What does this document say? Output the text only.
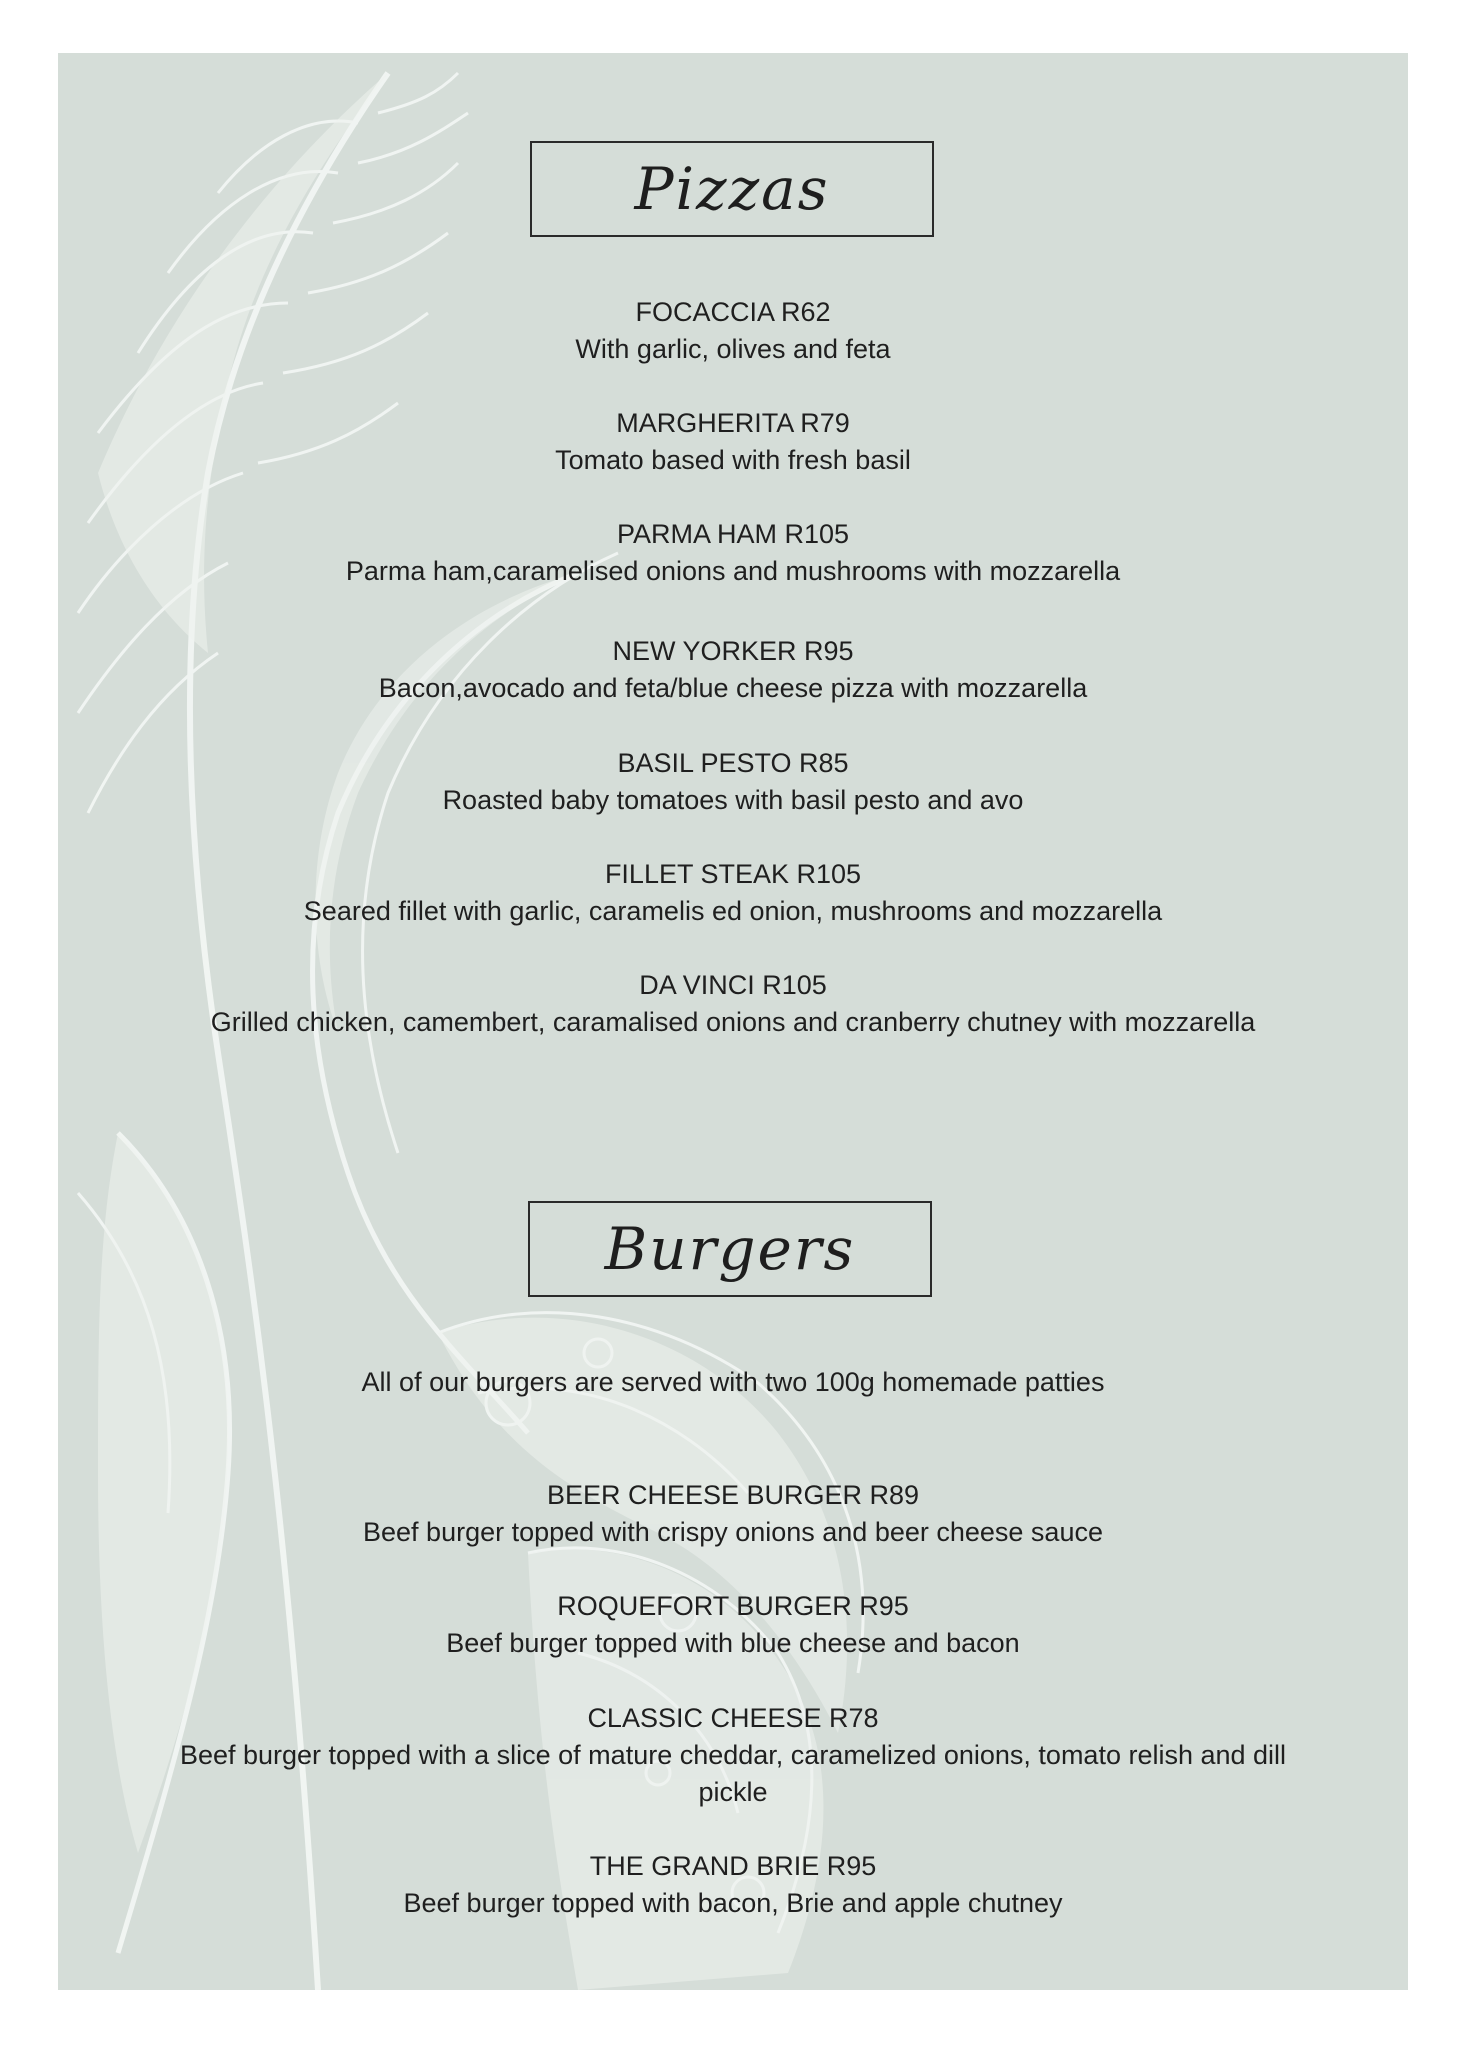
Pizzas
FOCACCIA R62
With garlic, olives and feta
MARGHERITA R79
Tomato based with fresh basil
PARMA HAM R105
Parma ham,caramelised onions and mushrooms with mozzarella
NEW YORKER R95
Bacon,avocado and feta/blue cheese pizza with mozzarella
BASIL PESTO R85
Roasted baby tomatoes with basil pesto and avo
FILLET STEAK R105
Seared fillet with garlic, caramelis ed onion, mushrooms and mozzarella
DA VINCI R105
Grilled chicken, camembert, caramalised onions and cranberry chutney with mozzarella
Burgers
All of our burgers are served with two 100g homemade patties
BEER CHEESE BURGER R89
Beef burger topped with crispy onions and beer cheese sauce
ROQUEFORT BURGER R95
Beef burger topped with blue cheese and bacon
CLASSIC CHEESE R78
Beef burger topped with a slice of mature cheddar, caramelized onions, tomato relish and dill
pickle
THE GRAND BRIE R95
Beef burger topped with bacon, Brie and apple chutney
